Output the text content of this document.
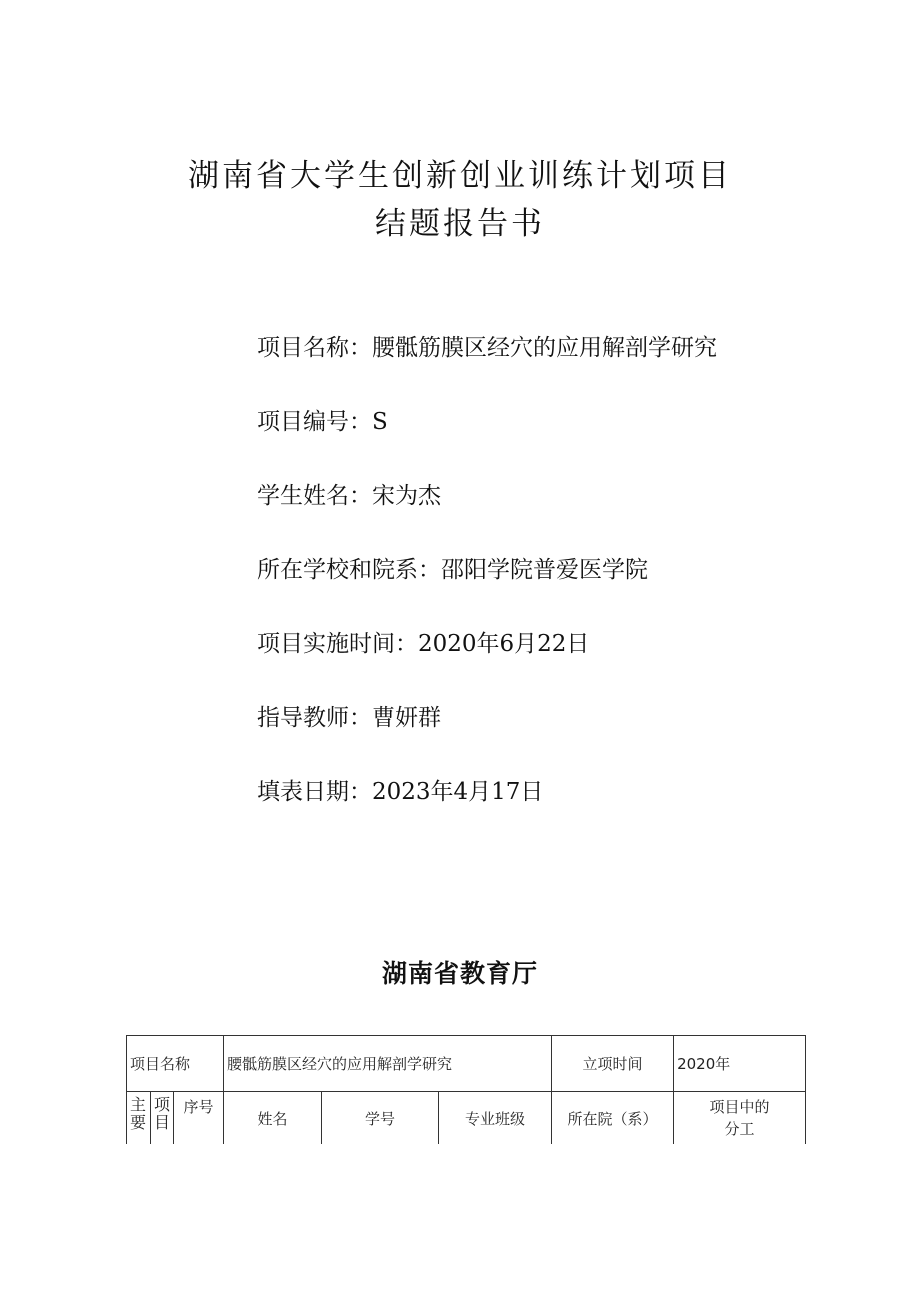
湖南省大学生创新创业训练计划项目

结题报告书

项目名称：腰骶筋膜区经穴的应用解剖学研究
项目编号：S
学生姓名：宋为杰
所在学校和院系：邵阳学院普爱医学院
项目实施时间：2020年6月22日
指导教师：曹妍群
填表日期：2023年4月17日
湖南省教育厅
项目名称			腰骶筋膜区经穴的应用解剖学研究			立项时间	2020年
主要	项目	序号	姓名	学号	专业班级	所在院（系）	项目中的
分工
